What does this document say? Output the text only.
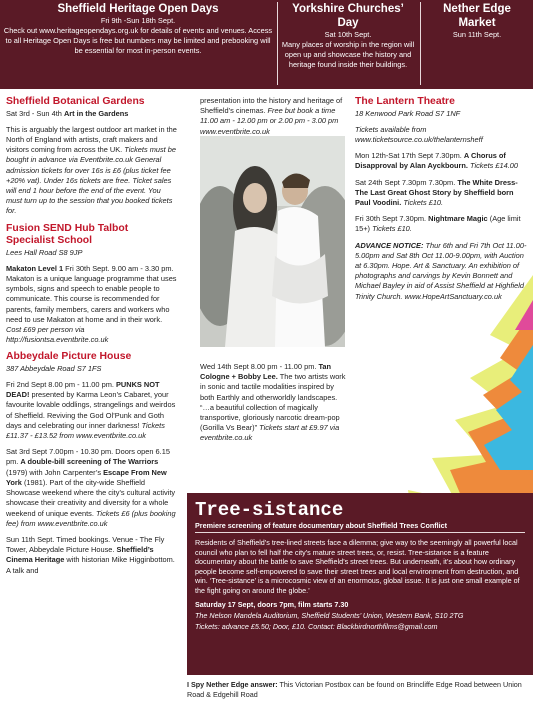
Sheffield Heritage Open Days
Fri 9th -Sun 18th Sept.

Check out www.heritageopendays.org.uk for details of events and venues. Access to all Heritage Open Days is free but numbers may be limited and prebooking will be essential for most in-person events.

Yorkshire Churches’ Day
Sat 10th Sept.

Many places of worship in the region will open up and showcase the history and heritage found inside their buildings.

Nether Edge Market
Sun 11th Sept.
Sheffield Botanical Gardens

Sat 3rd - Sun 4th Art in the Gardens

This is arguably the largest outdoor art market in the North of England with artists, craft makers and visitors coming from across the UK. Tickets must be bought in advance via Eventbrite.co.uk General admission tickets for over 16s is £6 (plus ticket fee +20% vat). Under 16s tickets are free. Ticket sales will end 1 hour before the end of the event. You must turn up to the session that you booked tickets for.

Fusion SEND Hub Talbot Specialist School

Lees Hall Road S8 9JP

Makaton Level 1 Fri 30th Sept. 9.00 am - 3.30 pm. Makaton is a unique language programme that uses symbols, signs and speech to enable people to communicate. This course is recommended for parents, family members, carers and workers who need to use Makaton at home and in their work. Cost £69 per person via http://fusiontsa.eventbrite.co.uk

Abbeydale Picture House

387 Abbeydale Road S7 1FS

Fri 2nd Sept 8.00 pm - 11.00 pm. PUNKS NOT DEAD! presented by Karma Leon’s Cabaret, your favourite lovable oddlings, strangelings and weirdos of Sheffield. Reviving the God Ol’Punk and Goth days and celebrating our inner darkness! Tickets £11.37 - £13.52 from www.eventbrite.co.uk

Sat 3rd Sept 7.00pm - 10.30 pm. Doors open 6.15 pm. A double-bill screening of The Warriors (1979) with John Carpenter’s Escape From New York (1981). Part of the city-wide Sheffield Showcase weekend where the city’s cultural activity showcase their creativity and diversity for a whole weekend of unique events. Tickets £6 (plus booking fee) from www.eventbrite.co.uk

Sun 11th Sept. Timed bookings. Venue - The Fly Tower, Abbeydale Picture House. Sheffield’s Cinema Heritage with historian Mike Higginbottom. A talk and

presentation into the history and heritage of Sheffield’s cinemas. Free but book a time 11.00 am - 12.00 pm or 2.00 pm - 3.00 pm www.eventbrite.co.uk

Wed 14th Sept 8.00 pm - 11.00 pm. Tan Cologne + Bobby Lee. The two artists work in sonic and tactile modalities inspired by both Earthly and otherworldly landscapes. “…a beautiful collection of magically transportive, gloriously narcotic dream-pop (Gorilla Vs Bear)” Tickets start at £9.97 via eventbrite.co.uk

The Lantern Theatre

18 Kenwood Park Road S7 1NF

Tickets available from www.ticketsource.co.uk/thelanternsheff

Mon 12th-Sat 17th Sept 7.30pm. A Chorus of Disapproval by Alan Ayckbourn. Tickets £14.00

Sat 24th Sept 7.30pm 7.30pm. The White Dress- The Last Great Ghost Story by Sheffield born Paul Voodini. Tickets £10.

Fri 30th Sept 7.30pm. Nightmare Magic (Age limit 15+) Tickets £10.

ADVANCE NOTICE: Thur 6th and Fri 7th Oct 11.00-5.00pm and Sat 8th Oct 11.00-9.00pm, with Auction at 6.30pm. Hope. Art & Sanctuary. An exhibition of photographs and carvings by Kevin Bonnett and Michael Bayley in aid of Assist Sheffield at Highfield Trinity Church. www.HopeArtSanctuary.co.uk

Tree-sistance
Premiere screening of feature documentary about Sheffield Trees Conflict

Residents of Sheffield’s tree-lined streets face a dilemma; give way to the seemingly all powerful local council who plan to fell half the city’s mature street trees, or, resist. Tree-sistance is a feature documentary about the battle to save Sheffield’s street trees. But underneath, it’s about how ordinary people become self-empowered to save their street trees and local environment from destruction, and win. ‘Tree-sistance’ is a microcosmic view of an enormous, global issue. It is just one small example of the fight going on around the globe.’

Saturday 17 Sept, doors 7pm, film starts 7.30

The Nelson Mandela Auditorium, Sheffield Students’ Union, Western Bank, S10 2TG

Tickets: advance £5.50; Door, £10. Contact: Blackbirdnorthfilms@gmail.com

I Spy Nether Edge answer: This Victorian Postbox can be found on Brincliffe Edge Road between Union Road & Edgehill Road
